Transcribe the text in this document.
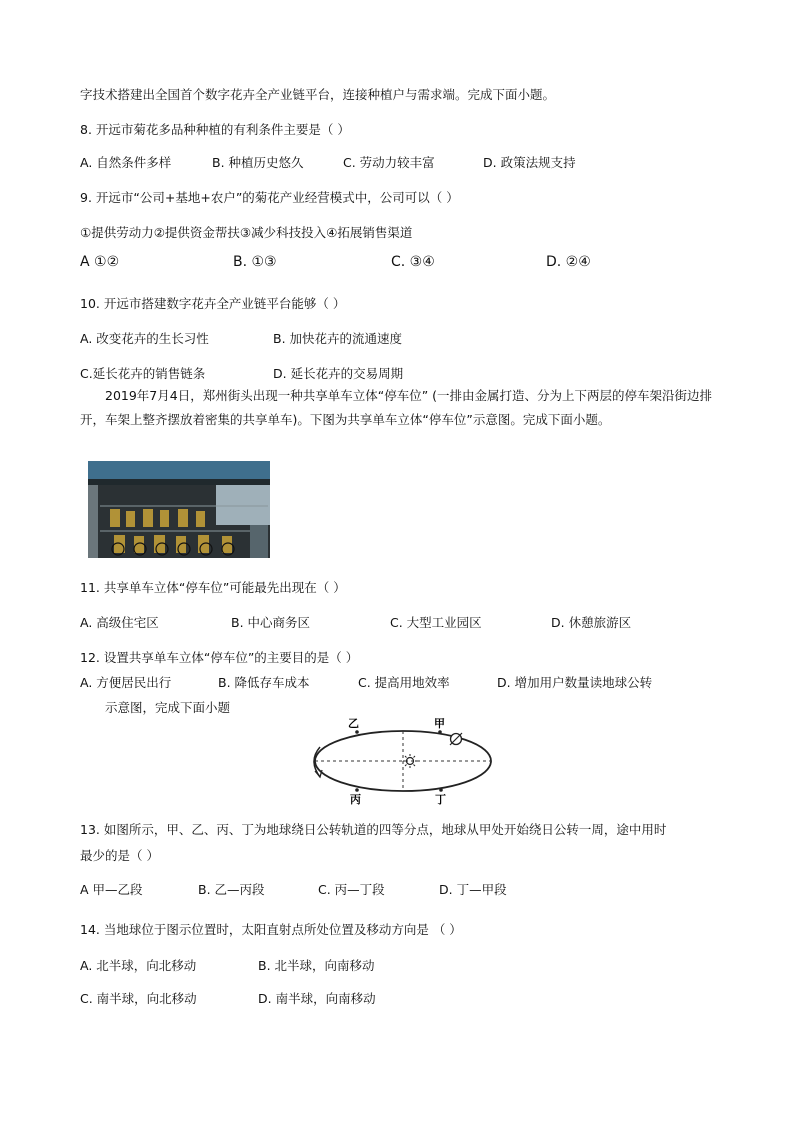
字技术搭建出全国首个数字花卉全产业链平台，连接种植户与需求端。完成下面小题。
8. 开远市菊花多品种种植的有利条件主要是（ ）
A. 自然条件多样	B. 种植历史悠久	C. 劳动力较丰富	D. 政策法规支持
9. 开远市“公司+基地+农户”的菊花产业经营模式中，公司可以（ ）
①提供劳动力②提供资金帮扶③减少科技投入④拓展销售渠道
A ①②	B. ①③	C. ③④	D. ②④
10. 开远市搭建数字花卉全产业链平台能够（ ）
A. 改变花卉的生长习性	B. 加快花卉的流通速度
C.延长花卉的销售链条	D. 延长花卉的交易周期
2019年7月4日，郑州街头出现一种共享单车立体“停车位” (一排由金属打造、分为上下两层的停车架沿街边排开，车架上整齐摆放着密集的共享单车)。下图为共享单车立体“停车位”示意图。完成下面小题。
11. 共享单车立体“停车位”可能最先出现在（ ）
A. 高级住宅区	B. 中心商务区	C. 大型工业园区	D. 休憩旅游区
12. 设置共享单车立体“停车位”的主要目的是（ ）
A. 方便居民出行	B. 降低存车成本	C. 提高用地效率	D. 增加用户数量读地球公转
示意图，完成下面小题
乙	甲
丙	丁
13. 如图所示，甲、乙、丙、丁为地球绕日公转轨道的四等分点，地球从甲处开始绕日公转一周，途中用时
最少的是（ ）
A 甲—乙段	B. 乙—丙段	C. 丙—丁段	D. 丁—甲段
14. 当地球位于图示位置时，太阳直射点所处位置及移动方向是 （ ）
A. 北半球，向北移动	B. 北半球，向南移动
C. 南半球，向北移动	D. 南半球，向南移动
